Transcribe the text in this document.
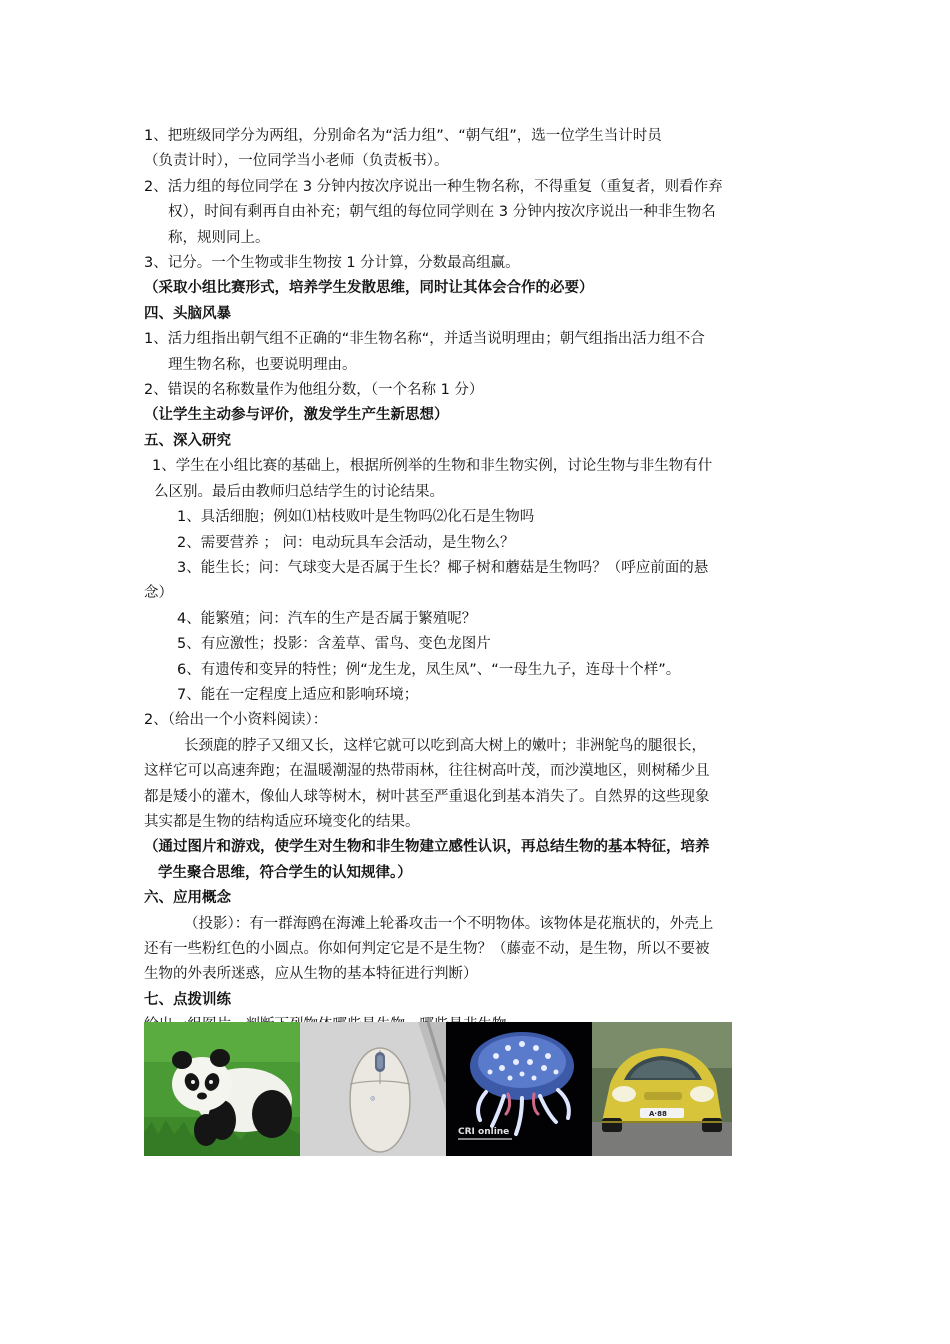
1、把班级同学分为两组，分别命名为“活力组”、“朝气组”，选一位学生当计时员
（负责计时），一位同学当小老师（负责板书）。
2、活力组的每位同学在 3 分钟内按次序说出一种生物名称，不得重复（重复者，则看作弃
权），时间有剩再自由补充；朝气组的每位同学则在 3 分钟内按次序说出一种非生物名
称，规则同上。
3、记分。一个生物或非生物按 1 分计算，分数最高组赢。
（采取小组比赛形式，培养学生发散思维，同时让其体会合作的必要）
四、头脑风暴
1、活力组指出朝气组不正确的“非生物名称“，并适当说明理由；朝气组指出活力组不合
理生物名称，也要说明理由。
2、错误的名称数量作为他组分数，（一个名称 1 分）
（让学生主动参与评价，激发学生产生新思想）
五、深入研究
1、学生在小组比赛的基础上，根据所例举的生物和非生物实例，讨论生物与非生物有什
么区别。最后由教师归总结学生的讨论结果。
1、具活细胞；例如⑴枯枝败叶是生物吗⑵化石是生物吗
2、需要营养 ； 问：电动玩具车会活动，是生物么？
3、能生长；问：气球变大是否属于生长？椰子树和蘑菇是生物吗？（呼应前面的悬
念）
4、能繁殖；问：汽车的生产是否属于繁殖呢？
5、有应激性；投影：含羞草、雷鸟、变色龙图片
6、有遗传和变异的特性；例“龙生龙，凤生凤”、“一母生九子，连母十个样”。
7、能在一定程度上适应和影响环境；
2、（给出一个小资料阅读）：
长颈鹿的脖子又细又长，这样它就可以吃到高大树上的嫩叶；非洲鸵鸟的腿很长，
这样它可以高速奔跑；在温暖潮湿的热带雨林，往往树高叶茂，而沙漠地区，则树稀少且
都是矮小的灌木，像仙人球等树木，树叶甚至严重退化到基本消失了。自然界的这些现象
其实都是生物的结构适应环境变化的结果。
（通过图片和游戏，使学生对生物和非生物建立感性认识，再总结生物的基本特征，培养
学生聚合思维，符合学生的认知规律。）
六、应用概念
（投影）：有一群海鸥在海滩上轮番攻击一个不明物体。该物体是花瓶状的，外壳上
还有一些粉红色的小圆点。你如何判定它是不是生物？（藤壶不动，是生物，所以不要被
生物的外表所迷惑，应从生物的基本特征进行判断）
七、点拨训练
◎
CRI online
A·88
